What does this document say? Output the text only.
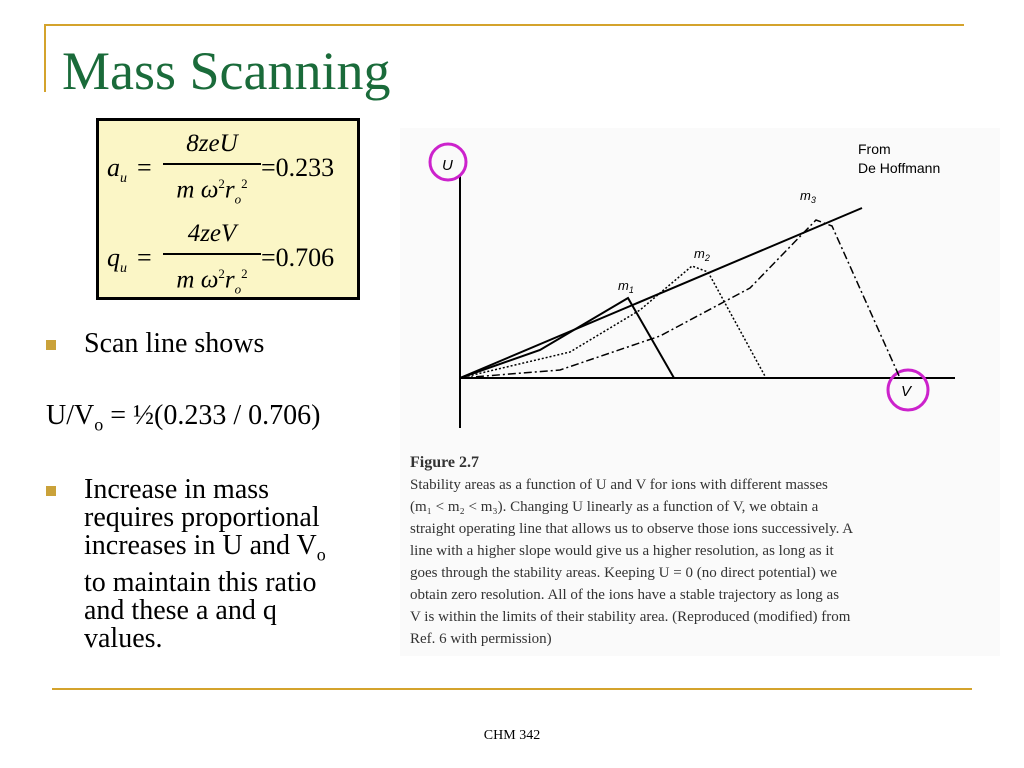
Mass Scanning
$a_u$ =
8zeU
m $\omega^2r_o^2$
=0.233
$q_u$ =
4zeV
m $\omega^2r_o^2$
=0.706
Scan line shows
$U/V_o$ = ½(0.233 / 0.706)
Increase in mass
requires proportional
increases in U and $V_o$
to maintain this ratio
and these a and q
values.
U
V
From
De Hoffmann
$m_1$
$m_2$
$m_3$
Figure 2.7
Stability areas as a function of U and V for ions with different masses
(m₁ < m₂ < m₃). Changing U linearly as a function of V, we obtain a
straight operating line that allows us to observe those ions successively. A
line with a higher slope would give us a higher resolution, as long as it
goes through the stability areas. Keeping U = 0 (no direct potential) we
obtain zero resolution. All of the ions have a stable trajectory as long as
V is within the limits of their stability area. (Reproduced (modified) from
Ref. 6 with permission)
CHM 342
